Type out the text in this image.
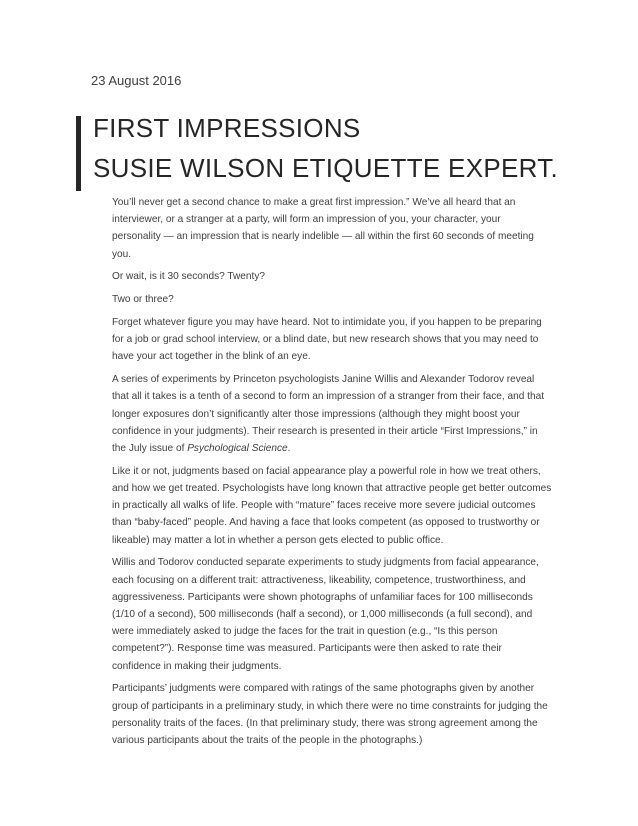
23 August 2016
FIRST IMPRESSIONS
SUSIE WILSON ETIQUETTE EXPERT.

You’ll never get a second chance to make a great first impression.” We’ve all heard that an interviewer, or a stranger at a party, will form an impression of you, your character, your personality — an impression that is nearly indelible — all within the first 60 seconds of meeting you.

Or wait, is it 30 seconds? Twenty?

Two or three?

Forget whatever figure you may have heard. Not to intimidate you, if you happen to be preparing for a job or grad school interview, or a blind date, but new research shows that you may need to have your act together in the blink of an eye.

A series of experiments by Princeton psychologists Janine Willis and Alexander Todorov reveal that all it takes is a tenth of a second to form an impression of a stranger from their face, and that longer exposures don’t significantly alter those impressions (although they might boost your confidence in your judgments). Their research is presented in their article “First Impressions,” in the July issue of Psychological Science.

Like it or not, judgments based on facial appearance play a powerful role in how we treat others, and how we get treated. Psychologists have long known that attractive people get better outcomes in practically all walks of life. People with “mature” faces receive more severe judicial outcomes than “baby-faced” people. And having a face that looks competent (as opposed to trustworthy or likeable) may matter a lot in whether a person gets elected to public office.

Willis and Todorov conducted separate experiments to study judgments from facial appearance, each focusing on a different trait: attractiveness, likeability, competence, trustworthiness, and aggressiveness. Participants were shown photographs of unfamiliar faces for 100 milliseconds (1/10 of a second), 500 milliseconds (half a second), or 1,000 milliseconds (a full second), and were immediately asked to judge the faces for the trait in question (e.g., “Is this person competent?”). Response time was measured. Participants were then asked to rate their confidence in making their judgments.

Participants’ judgments were compared with ratings of the same photographs given by another group of participants in a preliminary study, in which there were no time constraints for judging the personality traits of the faces. (In that preliminary study, there was strong agreement among the various participants about the traits of the people in the photographs.)
